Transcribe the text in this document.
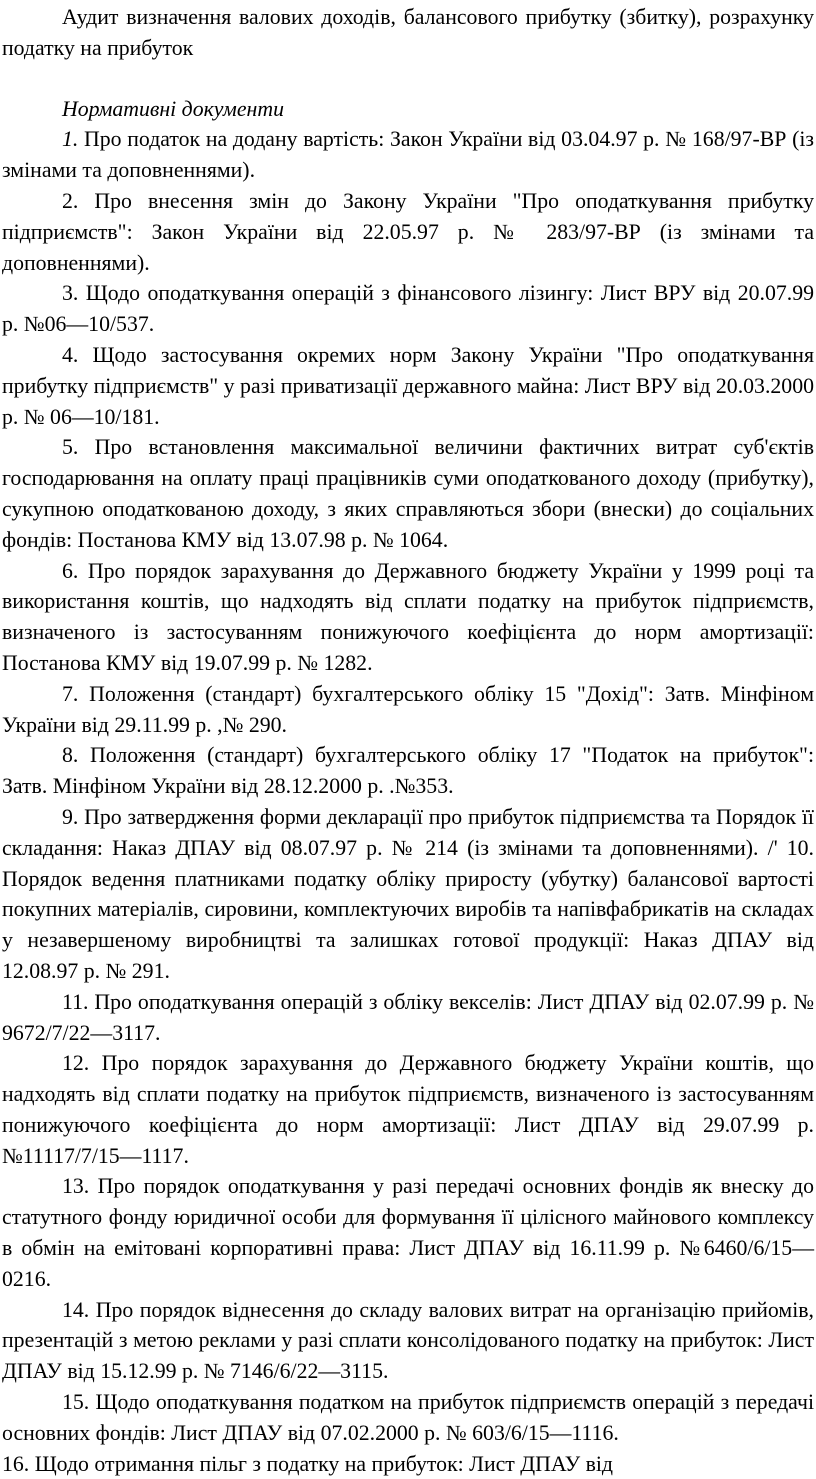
Аудит визначення валових доходів, балансового прибутку (збитку), розрахунку податку на прибуток

Нормативні документи

1. Про податок на додану вартість: Закон України від 03.04.97 р. № 168/97-ВР (із змінами та доповненнями).

2. Про внесення змін до Закону України "Про оподаткування прибутку підприємств": Закон України від 22.05.97 р. № 283/97-ВР (із змінами та доповненнями).

3. Щодо оподаткування операцій з фінансового лізингу: Лист ВРУ від 20.07.99 р. №06—10/537.

4. Щодо застосування окремих норм Закону України "Про оподаткування прибутку підприємств" у разі приватизації державного майна: Лист ВРУ від 20.03.2000 р. № 06—10/181.

5. Про встановлення максимальної величини фактичних витрат суб'єктів господарювання на оплату праці працівників суми оподаткованого доходу (прибутку), сукупною оподаткованою доходу, з яких справляються збори (внески) до соціальних фондів: Постанова КМУ від 13.07.98 р. № 1064.

6. Про порядок зарахування до Державного бюджету України у 1999 році та використання коштів, що надходять від сплати податку на прибуток підприємств, визначеного із застосуванням понижуючого коефіцієнта до норм амортизації: Постанова КМУ від 19.07.99 р. № 1282.

7. Положення (стандарт) бухгалтерського обліку 15 "Дохід": Затв. Мінфіном України від 29.11.99 р. ,№ 290.

8. Положення (стандарт) бухгалтерського обліку 17 "Податок на прибуток": Затв. Мінфіном України від 28.12.2000 р. .№353.

9. Про затвердження форми декларації про прибуток підприємства та Порядок її складання: Наказ ДПАУ від 08.07.97 р. № 214 (із змінами та доповненнями). /' 10. Порядок ведення платниками податку обліку приросту (убутку) балансової вартості покупних матеріалів, сировини, комплектуючих виробів та напівфабрикатів на складах у незавершеному виробництві та залишках готової продукції: Наказ ДПАУ від 12.08.97 р. № 291.

11. Про оподаткування операцій з обліку векселів: Лист ДПАУ від 02.07.99 р. № 9672/7/22—3117.

12. Про порядок зарахування до Державного бюджету України коштів, що надходять від сплати податку на прибуток підприємств, визначеного із застосуванням понижуючого коефіцієнта до норм амортизації: Лист ДПАУ від 29.07.99 р. №11117/7/15—1117.

13. Про порядок оподаткування у разі передачі основних фондів як внеску до статутного фонду юридичної особи для формування її цілісного майнового комплексу в обмін на емітовані корпоративні права: Лист ДПАУ від 16.11.99 р. №6460/6/15—0216.

14. Про порядок віднесення до складу валових витрат на організацію прийомів, презентацій з метою реклами у разі сплати консолідованого податку на прибуток: Лист ДПАУ від 15.12.99 р. № 7146/6/22—3115.

15. Щодо оподаткування податком на прибуток підприємств операцій з передачі основних фондів: Лист ДПАУ від 07.02.2000 р. № 603/6/15—1116.

16. Щодо отримання пільг з податку на прибуток: Лист ДПАУ від
